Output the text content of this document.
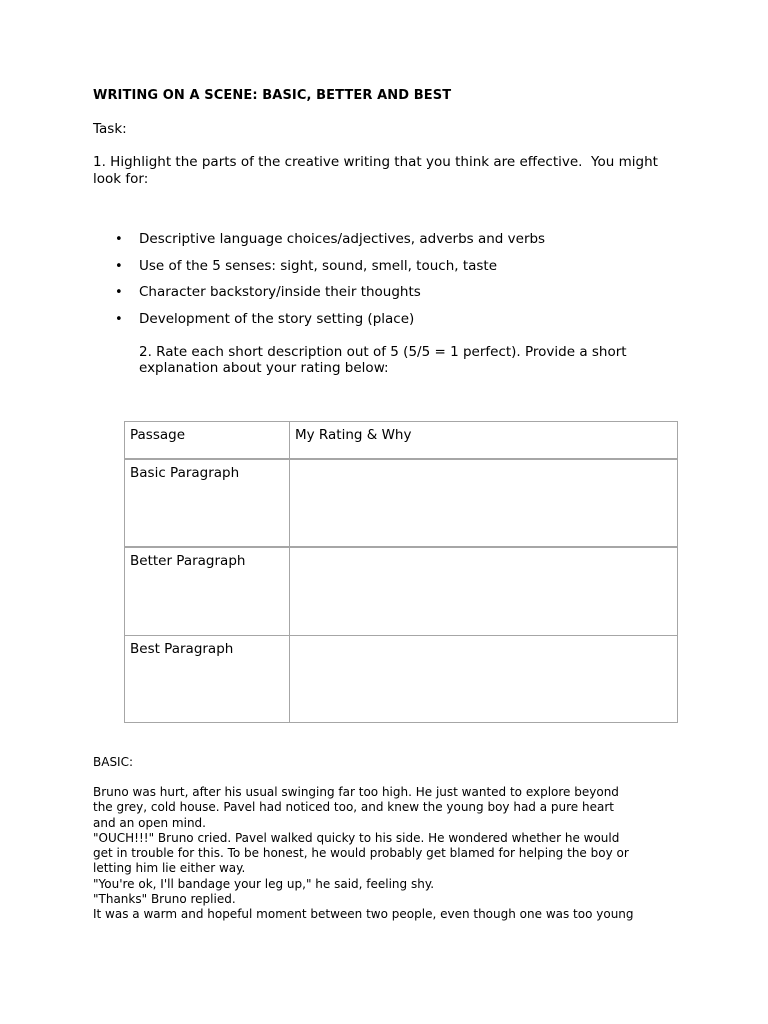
WRITING ON A SCENE: BASIC, BETTER AND BEST
Task:
1. Highlight the parts of the creative writing that you think are effective.  You might look for:
• Descriptive language choices/adjectives, adverbs and verbs
• Use of the 5 senses: sight, sound, smell, touch, taste
• Character backstory/inside their thoughts
• Development of the story setting (place)
2. Rate each short description out of 5 (5/5 = 1 perfect). Provide a short explanation about your rating below:
Passage	My Rating & Why
Basic Paragraph
Better Paragraph
Best Paragraph
BASIC:
Bruno was hurt, after his usual swinging far too high. He just wanted to explore beyond
the grey, cold house. Pavel had noticed too, and knew the young boy had a pure heart
and an open mind.
"OUCH!!!" Bruno cried. Pavel walked quicky to his side. He wondered whether he would
get in trouble for this. To be honest, he would probably get blamed for helping the boy or
letting him lie either way.
"You're ok, I'll bandage your leg up," he said, feeling shy.
"Thanks" Bruno replied.
It was a warm and hopeful moment between two people, even though one was too young
